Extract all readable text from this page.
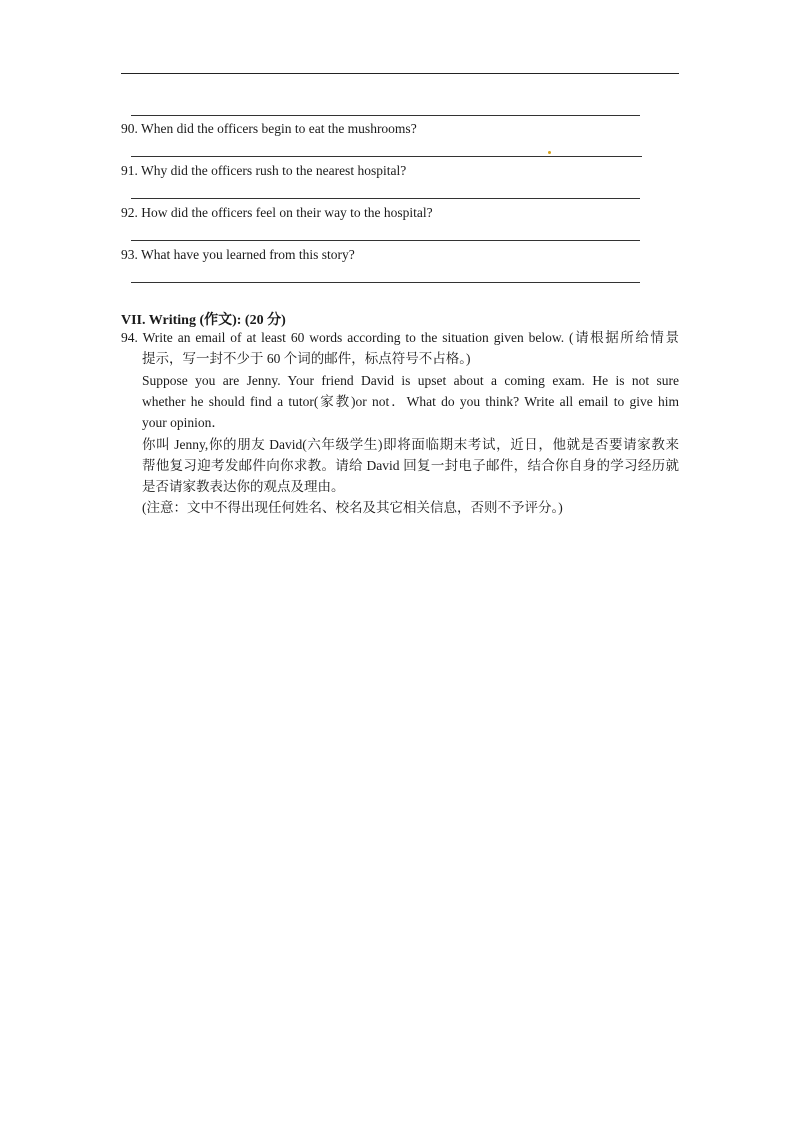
90. When did the officers begin to eat the mushrooms?
91. Why did the officers rush to the nearest hospital?
92. How did the officers feel on their way to the hospital?
93. What have you learned from this story?
VII. Writing (作文): (20 分)
94. Write an email of at least 60 words according to the situation given below. (请根据所给情景
提示，写一封不少于 60 个词的邮件，标点符号不占格。)
Suppose you are Jenny. Your friend David is upset about a coming exam. He is not sure
whether he should find a tutor(家教)or not．What do you think? Write all email to give him
your opinion．
你叫 Jenny,你的朋友 David(六年级学生)即将面临期末考试，近日，他就是否要请家教来
帮他复习迎考发邮件向你求教。请给 David 回复一封电子邮件，结合你自身的学习经历就
是否请家教表达你的观点及理由。
(注意：文中不得出现任何姓名、校名及其它相关信息，否则不予评分。)
